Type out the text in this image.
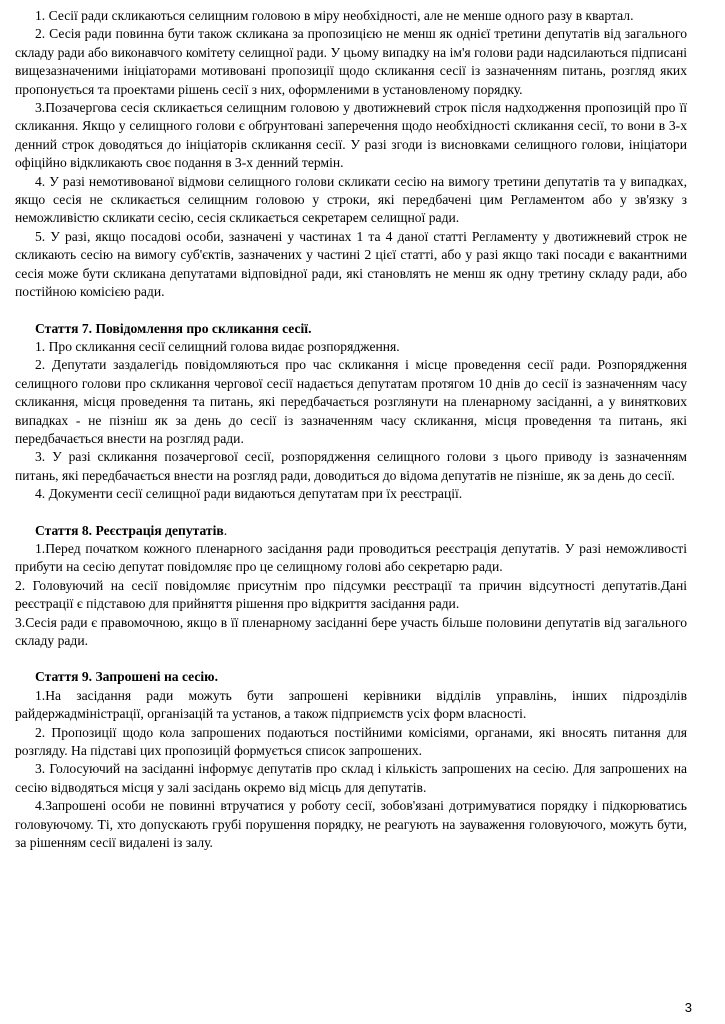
1. Сесії ради скликаються селищним головою в міру необхідності, але не менше одного разу в квартал.

2. Сесія ради повинна бути також скликана за пропозицією не менш як однієї третини депутатів від загального складу ради або виконавчого комітету селищної ради. У цьому випадку на ім'я голови ради надсилаються підписані вищезазначеними ініціаторами мотивовані пропозиції щодо скликання сесії із зазначенням питань, розгляд яких пропонується та проектами рішень сесії з них, оформленими в установленому порядку.

3.Позачергова сесія скликається селищним головою у двотижневий строк після надходження пропозицій про її скликання. Якщо у селищного голови є обґрунтовані заперечення щодо необхідності скликання сесії, то вони в 3-х денний строк доводяться до ініціаторів скликання сесії. У разі згоди із висновками селищного голови, ініціатори офіційно відкликають своє подання в 3-х денний термін.

4. У разі немотивованої відмови селищного голови скликати сесію на вимогу третини депутатів та у випадках, якщо сесія не скликається селищним головою у строки, які передбачені цим Регламентом або у зв'язку з неможливістю скликати сесію, сесія скликається секретарем селищної ради.

5. У разі, якщо посадові особи, зазначені у частинах 1 та 4 даної статті Регламенту у двотижневий строк не скликають сесію на вимогу суб'єктів, зазначених у частині 2 цієї статті, або у разі якщо такі посади є вакантними сесія може бути скликана депутатами відповідної ради, які становлять не менш як одну третину складу ради, або постійною комісією ради.

Стаття 7. Повідомлення про скликання сесії.

1. Про скликання сесії селищний голова видає розпорядження.

2. Депутати заздалегідь повідомляються про час скликання і місце проведення сесії ради. Розпорядження селищного голови про скликання чергової сесії надається депутатам протягом 10 днів до сесії із зазначенням часу скликання, місця проведення та питань, які передбачається розглянути на пленарному засіданні, а у виняткових випадках - не пізніш як за день до сесії із зазначенням часу скликання, місця проведення та питань, які передбачається внести на розгляд ради.

3. У разі скликання позачергової сесії, розпорядження селищного голови з цього приводу із зазначенням питань, які передбачається внести на розгляд ради, доводиться до відома депутатів не пізніше, як за день до сесії.

4. Документи сесії селищної ради видаються депутатам при їх реєстрації.

Стаття 8. Реєстрація депутатів.

1.Перед початком кожного пленарного засідання ради проводиться реєстрація депутатів. У разі неможливості прибути на сесію депутат повідомляє про це селищному голові або секретарю ради.

2. Головуючий на сесії повідомляє присутнім про підсумки реєстрації та причин відсутності депутатів.Дані реєстрації є підставою для прийняття рішення про відкриття засідання ради.

3.Сесія ради є правомочною, якщо в її пленарному засіданні бере участь більше половини депутатів від загального складу ради.

Стаття 9. Запрошені на сесію.

1.На засідання ради можуть бути запрошені керівники відділів управлінь, інших підрозділів райдержадміністрації, організацій та установ, а також підприємств усіх форм власності.

2. Пропозиції щодо кола запрошених подаються постійними комісіями, органами, які вносять питання для розгляду. На підставі цих пропозицій формується список запрошених.

3. Голосуючий на засіданні інформує депутатів про склад і кількість запрошених на сесію. Для запрошених на сесію відводяться місця у залі засідань окремо від місць для депутатів.

4.Запрошені особи не повинні втручатися у роботу сесії, зобов'язані дотримуватися порядку і підкорюватись головуючому. Ті, хто допускають грубі порушення порядку, не реагують на зауваження головуючого, можуть бути, за рішенням сесії видалені із залу.

3
